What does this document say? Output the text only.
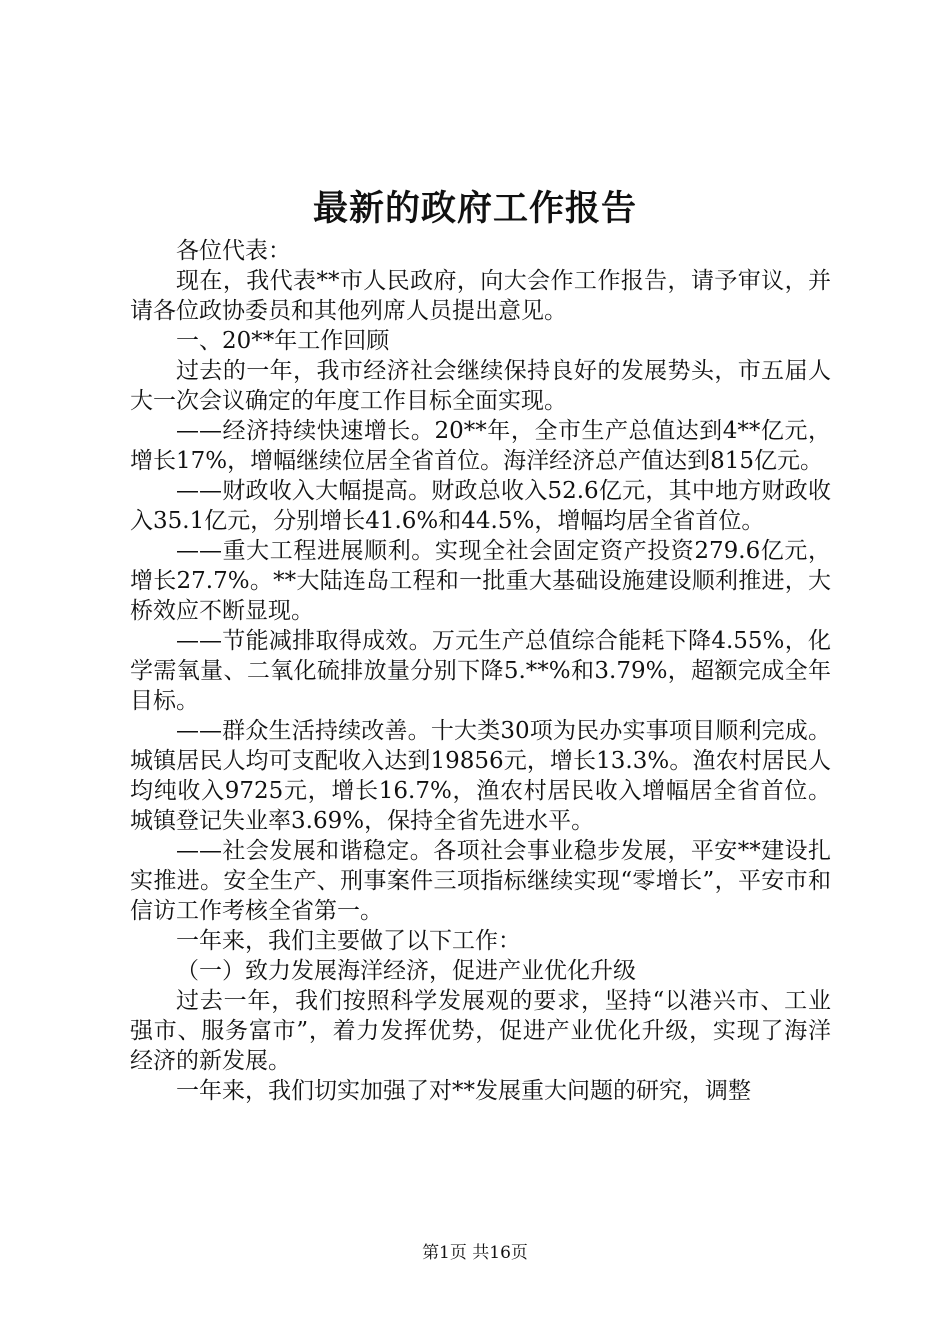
最新的政府工作报告

各位代表：

现在，我代表**市人民政府，向大会作工作报告，请予审议，并请各位政协委员和其他列席人员提出意见。

一、20**年工作回顾

过去的一年，我市经济社会继续保持良好的发展势头，市五届人大一次会议确定的年度工作目标全面实现。

——经济持续快速增长。20**年，全市生产总值达到4**亿元，增长17%，增幅继续位居全省首位。海洋经济总产值达到815亿元。

——财政收入大幅提高。财政总收入52.6亿元，其中地方财政收入35.1亿元，分别增长41.6%和44.5%，增幅均居全省首位。

——重大工程进展顺利。实现全社会固定资产投资279.6亿元，增长27.7%。**大陆连岛工程和一批重大基础设施建设顺利推进，大桥效应不断显现。

——节能减排取得成效。万元生产总值综合能耗下降4.55%，化学需氧量、二氧化硫排放量分别下降5.**%和3.79%，超额完成全年目标。

——群众生活持续改善。十大类30项为民办实事项目顺利完成。城镇居民人均可支配收入达到19856元，增长13.3%。渔农村居民人均纯收入9725元，增长16.7%，渔农村居民收入增幅居全省首位。城镇登记失业率3.69%，保持全省先进水平。

——社会发展和谐稳定。各项社会事业稳步发展，平安**建设扎实推进。安全生产、刑事案件三项指标继续实现“零增长”，平安市和信访工作考核全省第一。

一年来，我们主要做了以下工作：

（一）致力发展海洋经济，促进产业优化升级

过去一年，我们按照科学发展观的要求，坚持“以港兴市、工业强市、服务富市”，着力发挥优势，促进产业优化升级，实现了海洋经济的新发展。

一年来，我们切实加强了对**发展重大问题的研究，调整

第1页 共16页
